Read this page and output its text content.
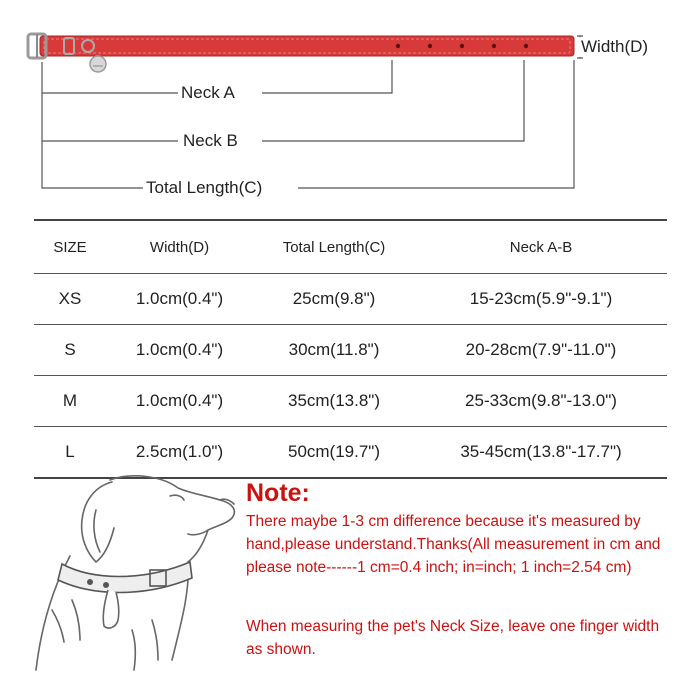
Width(D)
Neck A
Neck B
Total Length(C)
SIZE	Width(D)	Total Length(C)	Neck A-B
XS	1.0cm(0.4")	25cm(9.8")	15-23cm(5.9"-9.1")
S	1.0cm(0.4")	30cm(11.8")	20-28cm(7.9"-11.0")
M	1.0cm(0.4")	35cm(13.8")	25-33cm(9.8"-13.0")
L	2.5cm(1.0")	50cm(19.7")	35-45cm(13.8"-17.7")
Note:

There maybe 1-3 cm difference because it's measured by hand,please understand.Thanks(All measurement in cm and please note------1 cm=0.4 inch; in=inch; 1 inch=2.54 cm)

When measuring the pet's Neck Size, leave one finger width as shown.
